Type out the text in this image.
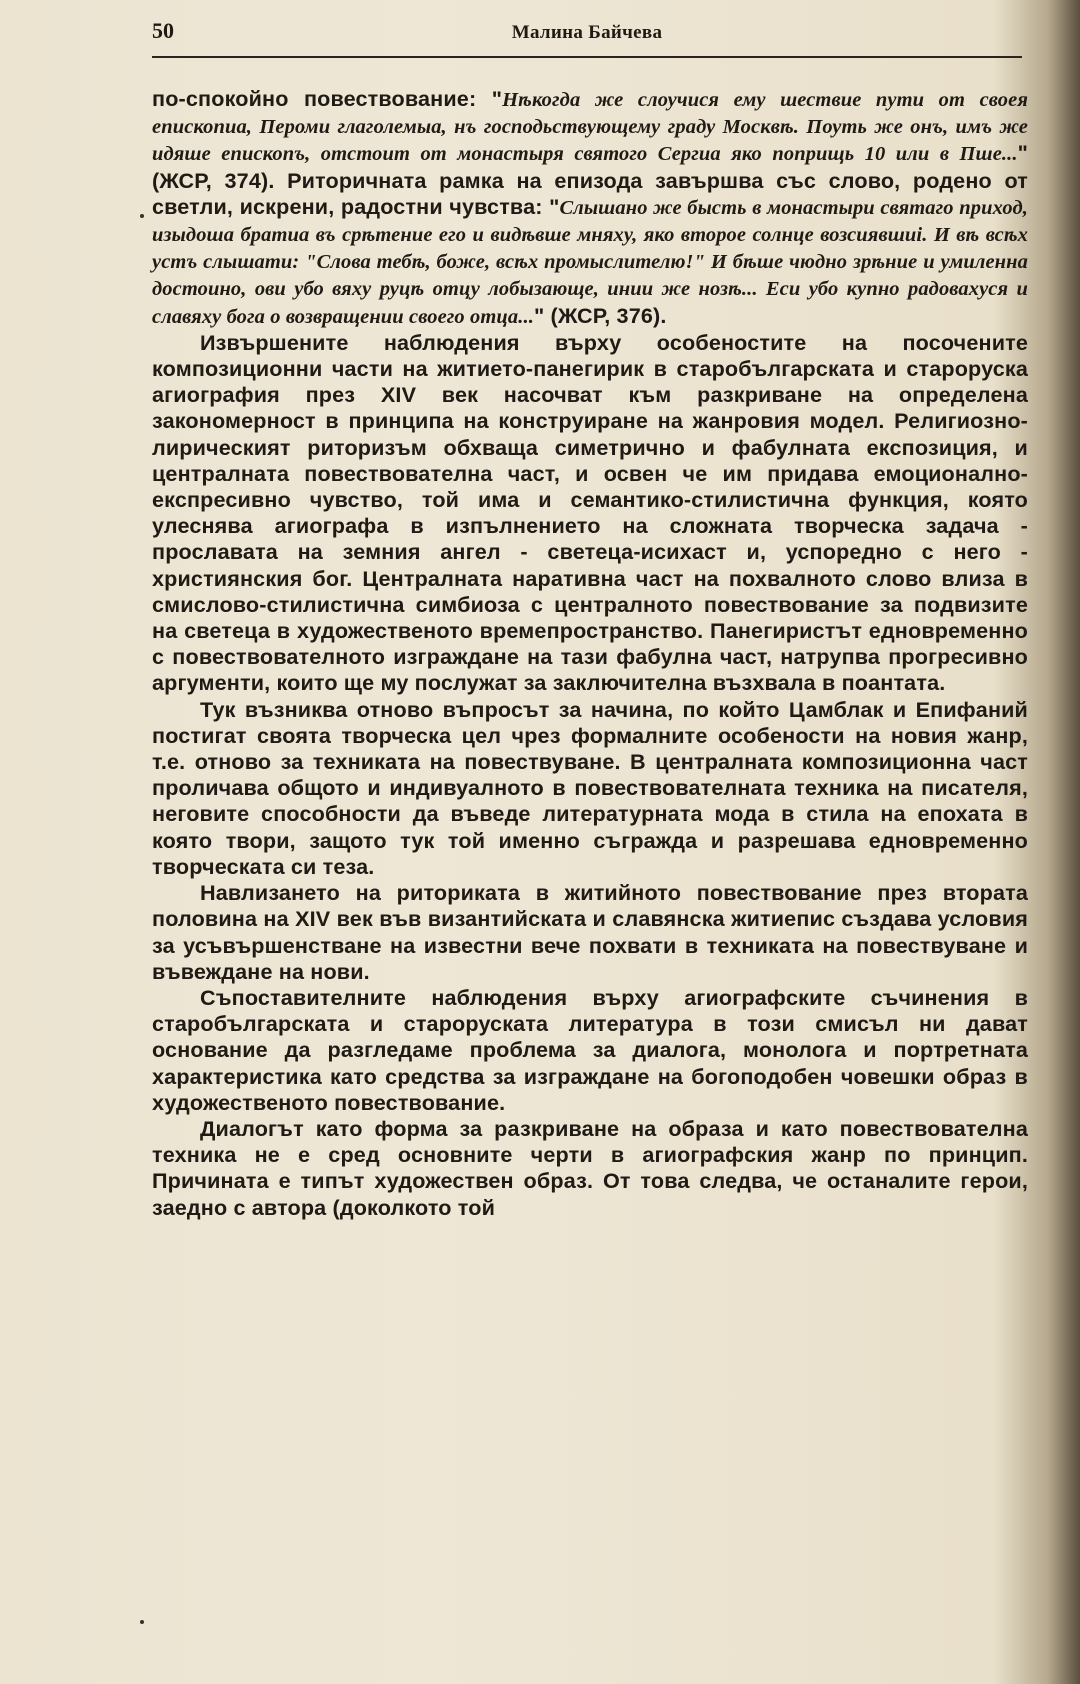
50	Малина Байчева

по-спокойно повествование: "Нѣкогда же слоучися ему шествие пути от своея епископиа, Пероми глаголемыа, нъ господьствующему граду Москвѣ. Поуть же онъ, имъ же идяше епископъ, отстоит от монастыря святого Сергиа яко поприщь 10 или в Пше..." (ЖСР, 374). Риторичната рамка на епизода завършва със слово, родено от светли, искрени, радостни чувства: "Слышано же бысть в монастыри святаго приход, изыдоша братиа въ срѣтение его и видѣвше мняху, яко второе солнце возсиявшиi. И вѣ всѣх устъ слышати: "Слова тебѣ, боже, всѣх промыслителю!" И бѣше чюдно зрѣние и умиленна достоино, ови убо вяху руцѣ отцу лобызающе, инии же нозѣ... Еси убо купно радовахуся и славяху бога о возвращении своего отца..." (ЖСР, 376).

Извършените наблюдения върху особеностите на посочените композиционни части на житието-панегирик в старобългарската и староруска агиография през XIV век насочват към разкриване на определена закономерност в принципа на конструиране на жанровия модел. Религиозно-лирическият риторизъм обхваща симетрично и фабулната експозиция, и централната повествователна част, и освен че им придава емоционално-експресивно чувство, той има и семантико-стилистична функция, която улеснява агиографа в изпълнението на сложната творческа задача - прославата на земния ангел - светеца-исихаст и, успоредно с него - християнския бог. Централната наративна част на похвалното слово влиза в смислово-стилистична симбиоза с централното повествование за подвизите на светеца в художественото времепространство. Панегиристът едновременно с повествователното изграждане на тази фабулна част, натрупва прогресивно аргументи, които ще му послужат за заключителна възхвала в поантата.

Тук възниква отново въпросът за начина, по който Цамблак и Епифаний постигат своята творческа цел чрез формалните особености на новия жанр, т.е. отново за техниката на повествуване. В централната композиционна част проличава общото и индивуалното в повествователната техника на писателя, неговите способности да въведе литературната мода в стила на епохата в която твори, защото тук той именно съгражда и разрешава едновременно творческата си теза.

Навлизането на риториката в житийното повествование през втората половина на XIV век във византийската и славянска житиепис създава условия за усъвършенстване на известни вече похвати в техниката на повествуване и въвеждане на нови.

Съпоставителните наблюдения върху агиографските съчинения в старобългарската и староруската литература в този смисъл ни дават основание да разгледаме проблема за диалога, монолога и портретната характеристика като средства за изграждане на богоподобен човешки образ в художественото повествование.

Диалогът като форма за разкриване на образа и като повествователна техника не е сред основните черти в агиографския жанр по принцип. Причината е типът художествен образ. От това следва, че останалите герои, заедно с автора (доколкото той
